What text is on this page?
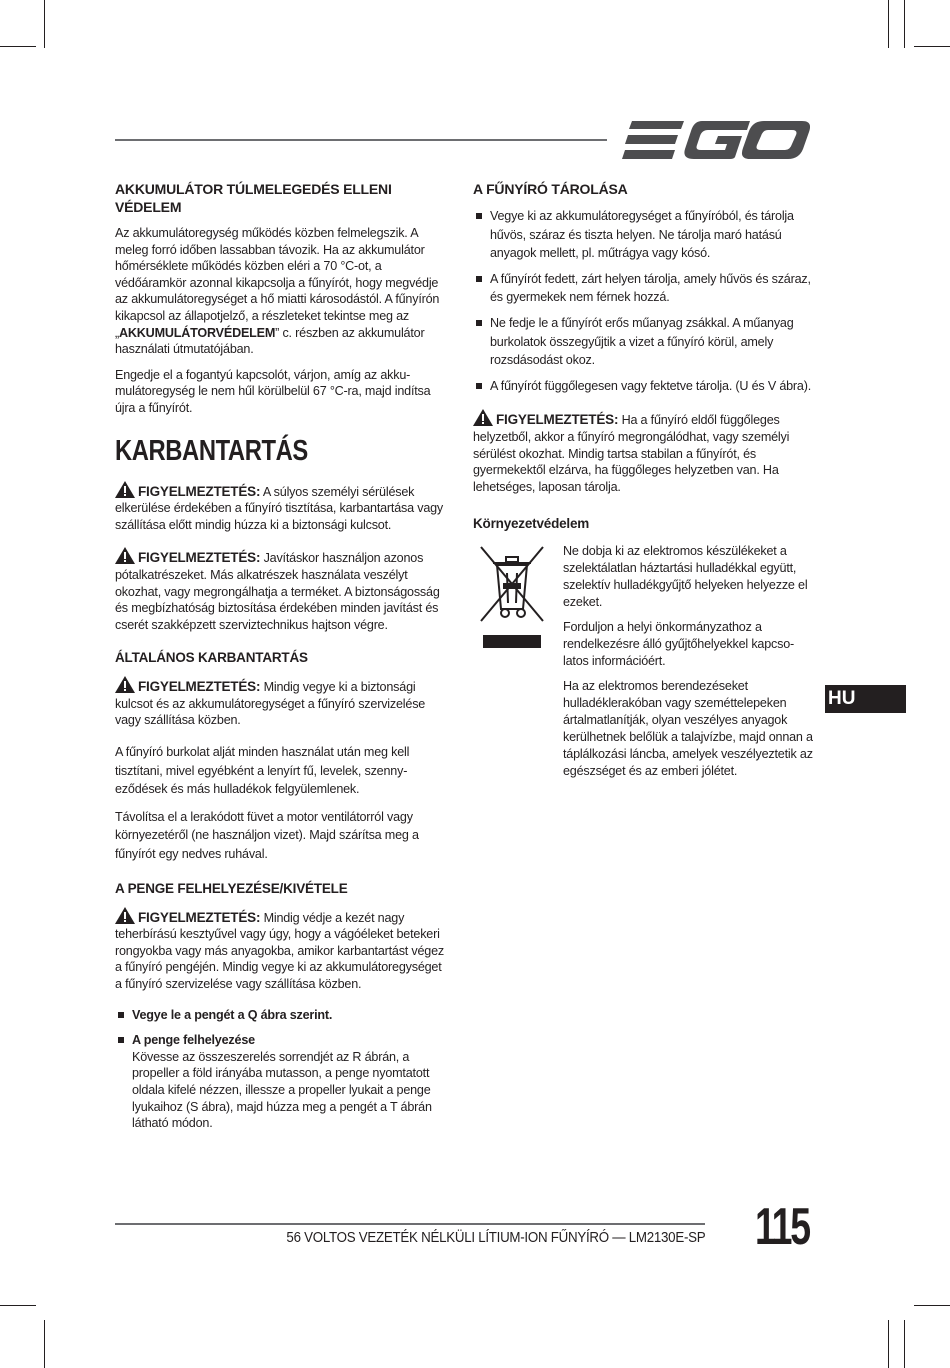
AKKUMULÁTOR TÚLMELEGEDÉS ELLENI VÉDELEM

Az akkumulátoregység működés közben felmelegszik. A meleg forró időben lassabban távozik. Ha az akkumulátor hőmérséklete működés közben eléri a 70 °C-ot, a védőáramkör azonnal kikapcsolja a fűnyírót, hogy megvédje az akkumulátoregységet a hő miatti károsodástól. A fűnyírón kikapcsol az állapotjelző, a részleteket tekintse meg az „AKKUMULÁTORVÉDELEM” c. részben az akkumulátor használati útmutatójában.

Engedje el a fogantyú kapcsolót, várjon, amíg az akkumulátoregység le nem hűl körülbelül 67 °C-ra, majd indítsa újra a fűnyírót.

KARBANTARTÁS
FIGYELMEZTETÉS: A súlyos személyi sérülések elkerülése érdekében a fűnyíró tisztítása, karbantartása vagy szállítása előtt mindig húzza ki a biztonsági kulcsot.
FIGYELMEZTETÉS: Javításkor használjon azonos pótalkatrészeket. Más alkatrészek használata veszélyt okozhat, vagy megrongálhatja a terméket. A biztonságosság és megbízhatóság biztosítása érdekében minden javítást és cserét szakképzett szerviztechnikus hajtson végre.
ÁLTALÁNOS KARBANTARTÁS
FIGYELMEZTETÉS: Mindig vegye ki a biztonsági kulcsot és az akkumulátoregységet a fűnyíró szervizelése vagy szállítása közben.

A fűnyíró burkolat alját minden használat után meg kell tisztítani, mivel egyébként a lenyírt fű, levelek, szennyeződések és más hulladékok felgyülemlenek.

Távolítsa el a lerakódott füvet a motor ventilátorról vagy környezetéről (ne használjon vizet). Majd szárítsa meg a fűnyírót egy nedves ruhával.

A PENGE FELHELYEZÉSE/KIVÉTELE
FIGYELMEZTETÉS: Mindig védje a kezét nagy teherbírású kesztyűvel vagy úgy, hogy a vágóéleket betekeri rongyokba vagy más anyagokba, amikor karbantartást végez a fűnyíró pengéjén. Mindig vegye ki az akkumulátoregységet a fűnyíró szervizelése vagy szállítása közben.
Vegye le a pengét a Q ábra szerint.
A penge felhelyezése
Kövesse az összeszerelés sorrendjét az R ábrán, a propeller a föld irányába mutasson, a penge nyomtatott oldala kifelé nézzen, illessze a propeller lyukait a penge lyukaihoz (S ábra), majd húzza meg a pengét a T ábrán látható módon.
A FŰNYÍRÓ TÁROLÁSA
Vegye ki az akkumulátoregységet a fűnyíróból, és tárolja hűvös, száraz és tiszta helyen. Ne tárolja maró hatású anyagok mellett, pl. műtrágya vagy kósó.
A fűnyírót fedett, zárt helyen tárolja, amely hűvös és száraz, és gyermekek nem férnek hozzá.
Ne fedje le a fűnyírót erős műanyag zsákkal. A műanyag burkolatok összegyűjtik a vizet a fűnyíró körül, amely rozsdásodást okoz.
A fűnyírót függőlegesen vagy fektetve tárolja. (U és V ábra).
FIGYELMEZTETÉS: Ha a fűnyíró eldől függőleges helyzetből, akkor a fűnyíró megrongálódhat, vagy személyi sérülést okozhat. Mindig tartsa stabilan a fűnyírót, és gyermekektől elzárva, ha függőleges helyzetben van. Ha lehetséges, laposan tárolja.
Környezetvédelem

Ne dobja ki az elektromos készülékeket a szelektálatlan háztartási hulladékkal együtt, szelektív hulladékgyűjtő helyeken helyezze el ezeket.

Forduljon a helyi önkormányzathoz a rendelkezésre álló gyűjtőhelyekkel kapcsolatos információért.

Ha az elektromos berendezéseket hulladéklerakóban vagy szeméttelepeken ártalmatlanítják, olyan veszélyes anyagok kerülhetnek belőlük a talajvízbe, majd onnan a táplálkozási láncba, amelyek veszélyeztetik az egészséget és az emberi jólétet.

HU
56 VOLTOS VEZETÉK NÉLKÜLI LÍTIUM-ION FŰNYÍRÓ — LM2130E-SP 115
